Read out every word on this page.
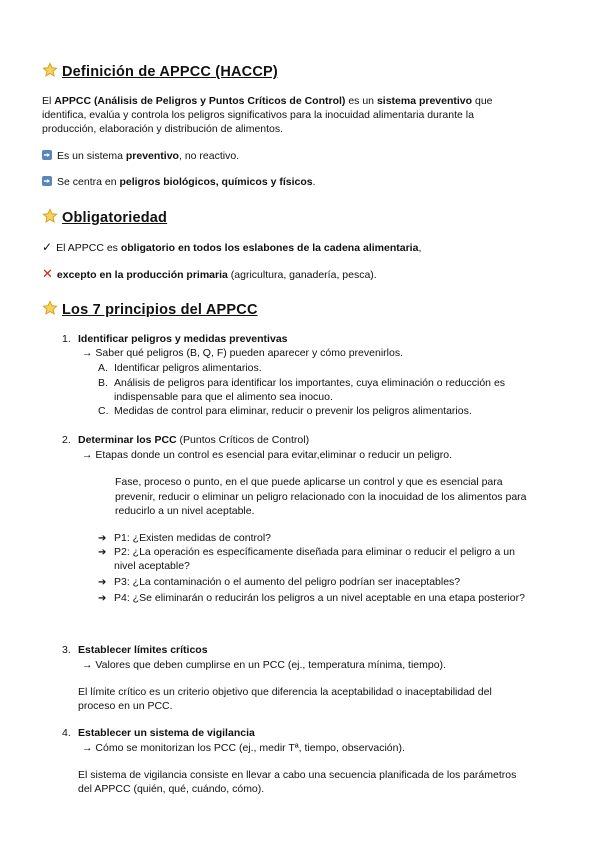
Definición de APPCC (HACCP)
El APPCC (Análisis de Peligros y Puntos Críticos de Control) es un sistema preventivo que
identifica, evalúa y controla los peligros significativos para la inocuidad alimentaria durante la
producción, elaboración y distribución de alimentos.
Es un sistema preventivo, no reactivo.
Se centra en peligros biológicos, químicos y físicos.
Obligatoriedad
✓ El APPCC es obligatorio en todos los eslabones de la cadena alimentaria,
✕ excepto en la producción primaria (agricultura, ganadería, pesca).
Los 7 principios del APPCC
1. Identificar peligros y medidas preventivas
→ Saber qué peligros (B, Q, F) pueden aparecer y cómo prevenirlos.
A. Identificar peligros alimentarios.
B. Análisis de peligros para identificar los importantes, cuya eliminación o reducción es
indispensable para que el alimento sea inocuo.
C. Medidas de control para eliminar, reducir o prevenir los peligros alimentarios.
2. Determinar los PCC (Puntos Críticos de Control)
→ Etapas donde un control es esencial para evitar,eliminar o reducir un peligro.
Fase, proceso o punto, en el que puede aplicarse un control y que es esencial para
prevenir, reducir o eliminar un peligro relacionado con la inocuidad de los alimentos para
reducirlo a un nivel aceptable.
➔ P1: ¿Existen medidas de control?
➔ P2: ¿La operación es específicamente diseñada para eliminar o reducir el peligro a un
nivel aceptable?
➔ P3: ¿La contaminación o el aumento del peligro podrían ser inaceptables?
➔ P4: ¿Se eliminarán o reducirán los peligros a un nivel aceptable en una etapa posterior?
3. Establecer límites críticos
→ Valores que deben cumplirse en un PCC (ej., temperatura mínima, tiempo).
El límite crítico es un criterio objetivo que diferencia la aceptabilidad o inaceptabilidad del
proceso en un PCC.
4. Establecer un sistema de vigilancia
→ Cómo se monitorizan los PCC (ej., medir Tª, tiempo, observación).
El sistema de vigilancia consiste en llevar a cabo una secuencia planificada de los parámetros
del APPCC (quién, qué, cuándo, cómo).
